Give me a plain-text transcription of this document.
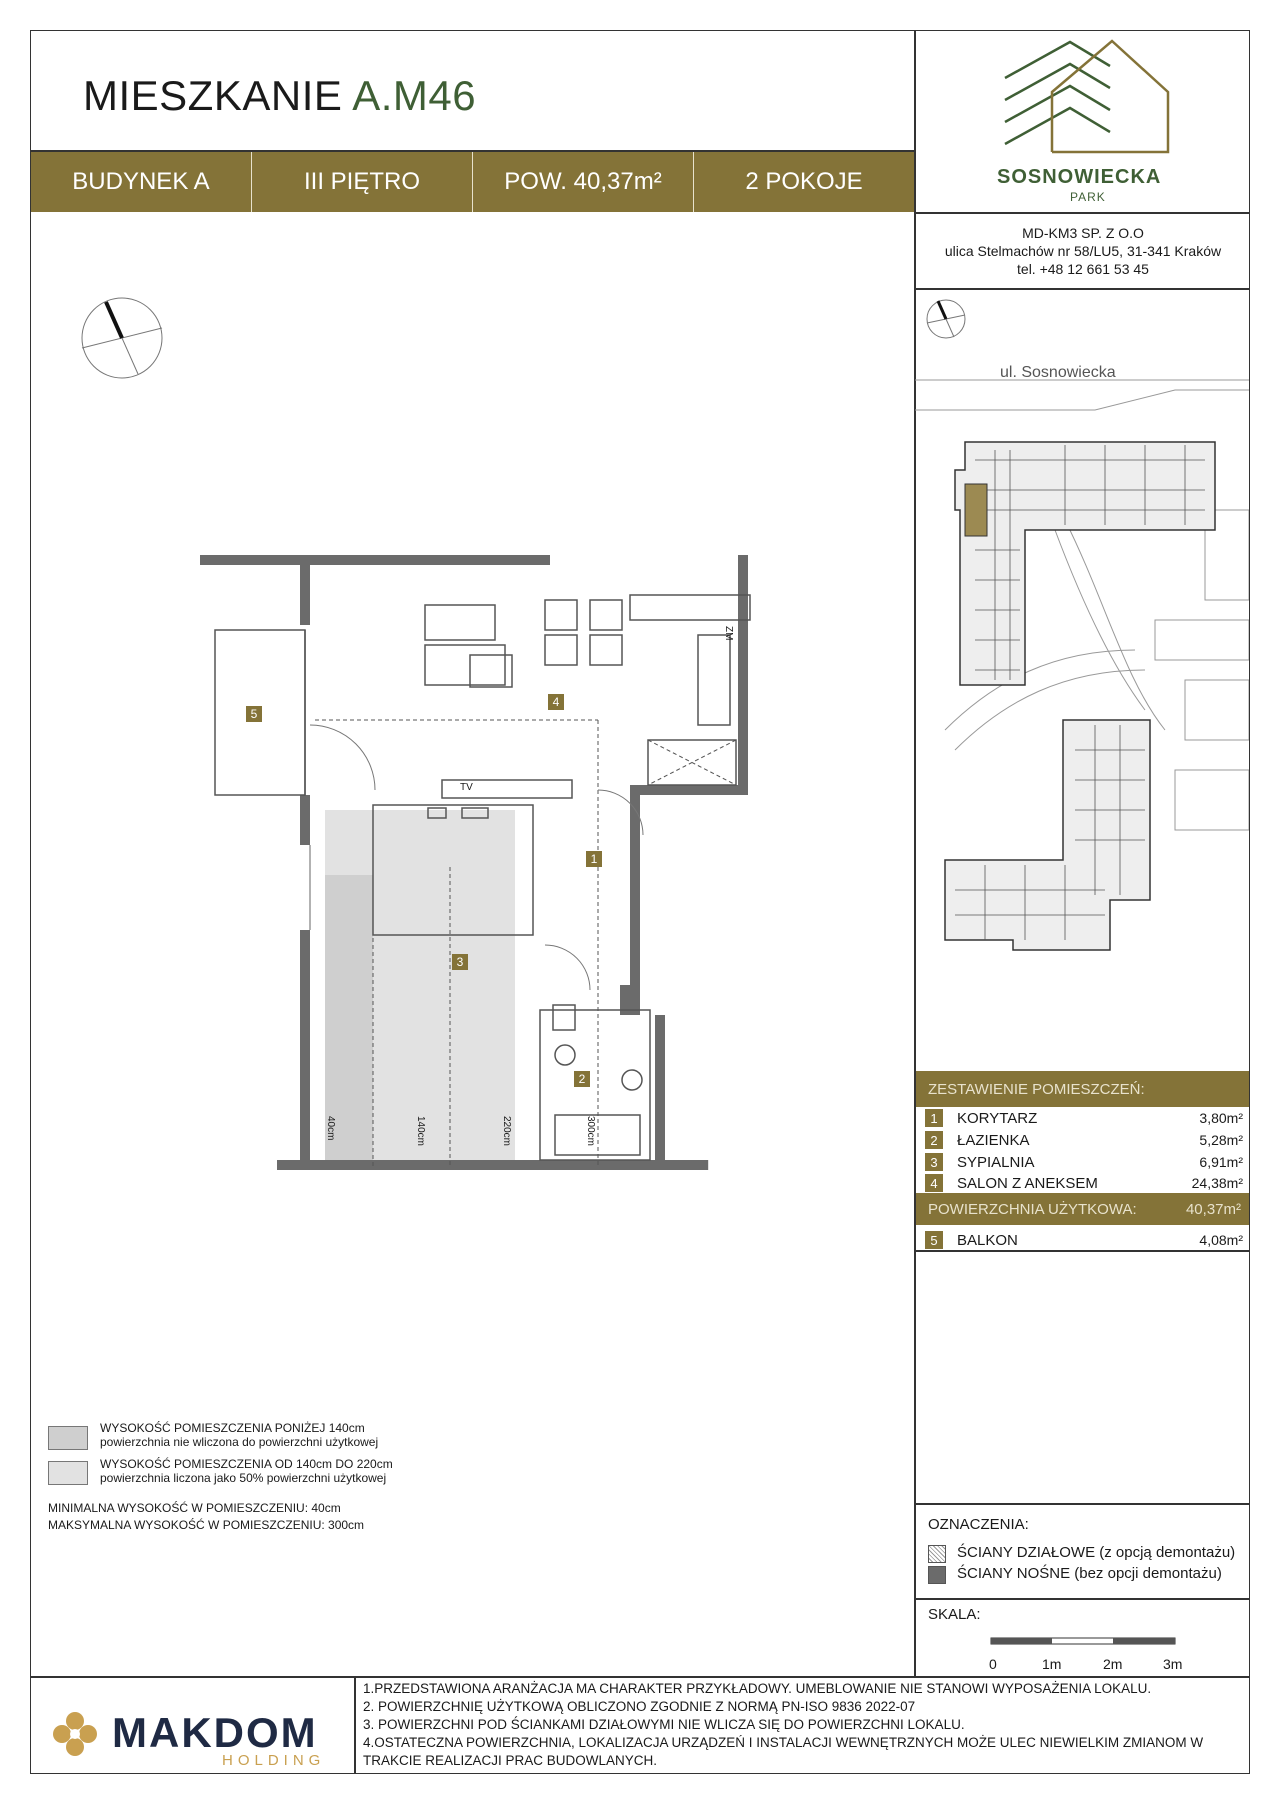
MIESZKANIE A.M46
BUDYNEK A	III PIĘTRO	POW. 40,37m²	2 POKOJE	SOSNOWIECKA
PARK
MD-KM3 SP. Z O.O
ulica Stelmachów nr 58/LU5, 31-341 Kraków
tel. +48 12 661 53 45
ul. Sosnowiecka
5
4
1
3
2
TV
ZM
40cm	140cm	220cm	300cm
ZESTAWIENIE POMIESZCZEŃ:
1	KORYTARZ	3,80m²
2	ŁAZIENKA	5,28m²
3	SYPIALNIA	6,91m²
4	SALON Z ANEKSEM	24,38m²
POWIERZCHNIA UŻYTKOWA:	40,37m²
5	BALKON	4,08m²
WYSOKOŚĆ POMIESZCZENIA PONIŻEJ 140cm
powierzchnia nie wliczona do powierzchni użytkowej
WYSOKOŚĆ POMIESZCZENIA OD 140cm DO 220cm
powierzchnia liczona jako 50% powierzchni użytkowej
MINIMALNA WYSOKOŚĆ W POMIESZCZENIU: 40cm
MAKSYMALNA WYSOKOŚĆ W POMIESZCZENIU: 300cm	OZNACZENIA:
ŚCIANY DZIAŁOWE (z opcją demontażu)
ŚCIANY NOŚNE (bez opcji demontażu)
SKALA:
0	1m	2m	3m
1.PRZEDSTAWIONA ARANŻACJA MA CHARAKTER PRZYKŁADOWY. UMEBLOWANIE NIE STANOWI WYPOSAŻENIA LOKALU.
2. POWIERZCHNIĘ UŻYTKOWĄ OBLICZONO ZGODNIE Z NORMĄ PN-ISO 9836 2022-07
3. POWIERZCHNI POD ŚCIANKAMI DZIAŁOWYMI NIE WLICZA SIĘ DO POWIERZCHNI LOKALU.
4.OSTATECZNA POWIERZCHNIA, LOKALIZACJA URZĄDZEŃ I INSTALACJI WEWNĘTRZNYCH MOŻE ULEC NIEWIELKIM ZMIANOM W TRAKCIE REALIZACJI PRAC BUDOWLANYCH.
MAKDOM
HOLDING
